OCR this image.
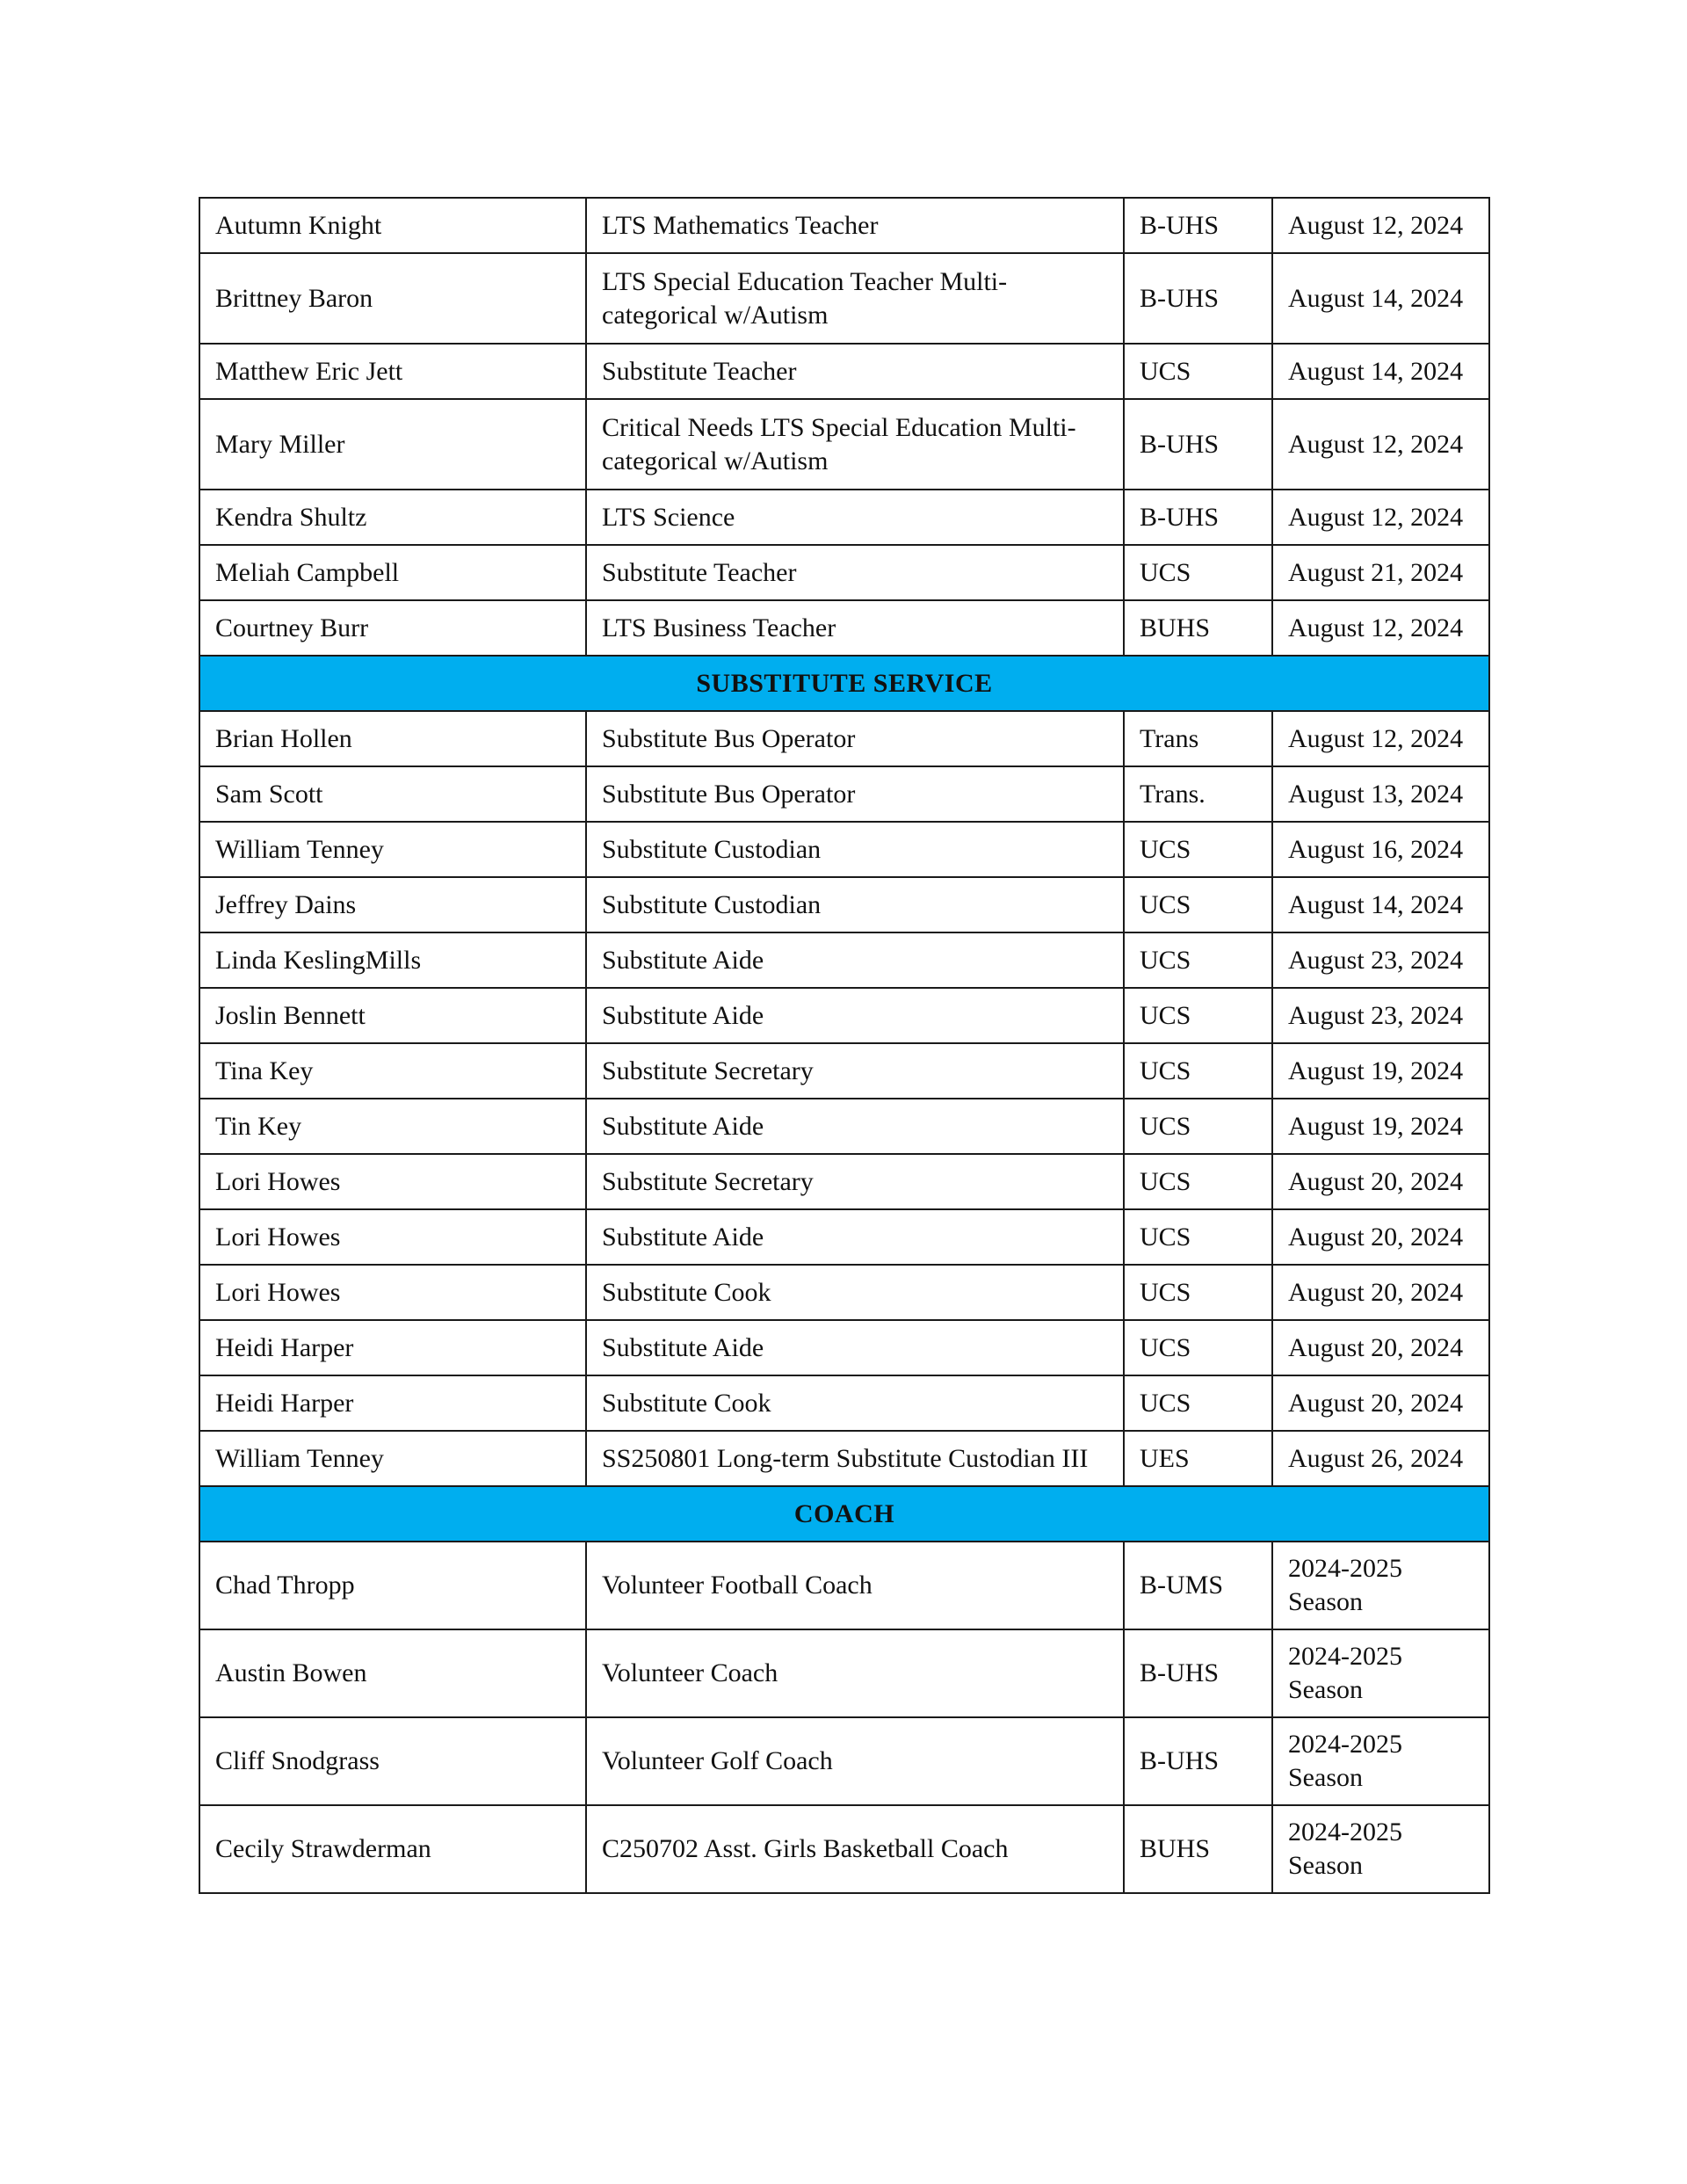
Autumn Knight	LTS Mathematics Teacher	B-UHS	August 12, 2024
Brittney Baron	LTS Special Education Teacher Multi-categorical w/Autism	B-UHS	August 14, 2024
Matthew Eric Jett	Substitute Teacher	UCS	August 14, 2024
Mary Miller	Critical Needs LTS Special Education Multi-categorical w/Autism	B-UHS	August 12, 2024
Kendra Shultz	LTS Science	B-UHS	August 12, 2024
Meliah Campbell	Substitute Teacher	UCS	August 21, 2024
Courtney Burr	LTS Business Teacher	BUHS	August 12, 2024
SUBSTITUTE SERVICE			
Brian Hollen	Substitute Bus Operator	Trans	August 12, 2024
Sam Scott	Substitute Bus Operator	Trans.	August 13, 2024
William Tenney	Substitute Custodian	UCS	August 16, 2024
Jeffrey Dains	Substitute Custodian	UCS	August 14, 2024
Linda KeslingMills	Substitute Aide	UCS	August 23, 2024
Joslin Bennett	Substitute Aide	UCS	August 23, 2024
Tina Key	Substitute Secretary	UCS	August 19, 2024
Tin Key	Substitute Aide	UCS	August 19, 2024
Lori Howes	Substitute Secretary	UCS	August 20, 2024
Lori Howes	Substitute Aide	UCS	August 20, 2024
Lori Howes	Substitute Cook	UCS	August 20, 2024
Heidi Harper	Substitute Aide	UCS	August 20, 2024
Heidi Harper	Substitute Cook	UCS	August 20, 2024
William Tenney	SS250801 Long-term Substitute Custodian III	UES	August 26, 2024
COACH			
Chad Thropp	Volunteer Football Coach	B-UMS	2024-2025 Season
Austin Bowen	Volunteer Coach	B-UHS	2024-2025 Season
Cliff Snodgrass	Volunteer Golf Coach	B-UHS	2024-2025 Season
Cecily Strawderman	C250702 Asst. Girls Basketball Coach	BUHS	2024-2025 Season
